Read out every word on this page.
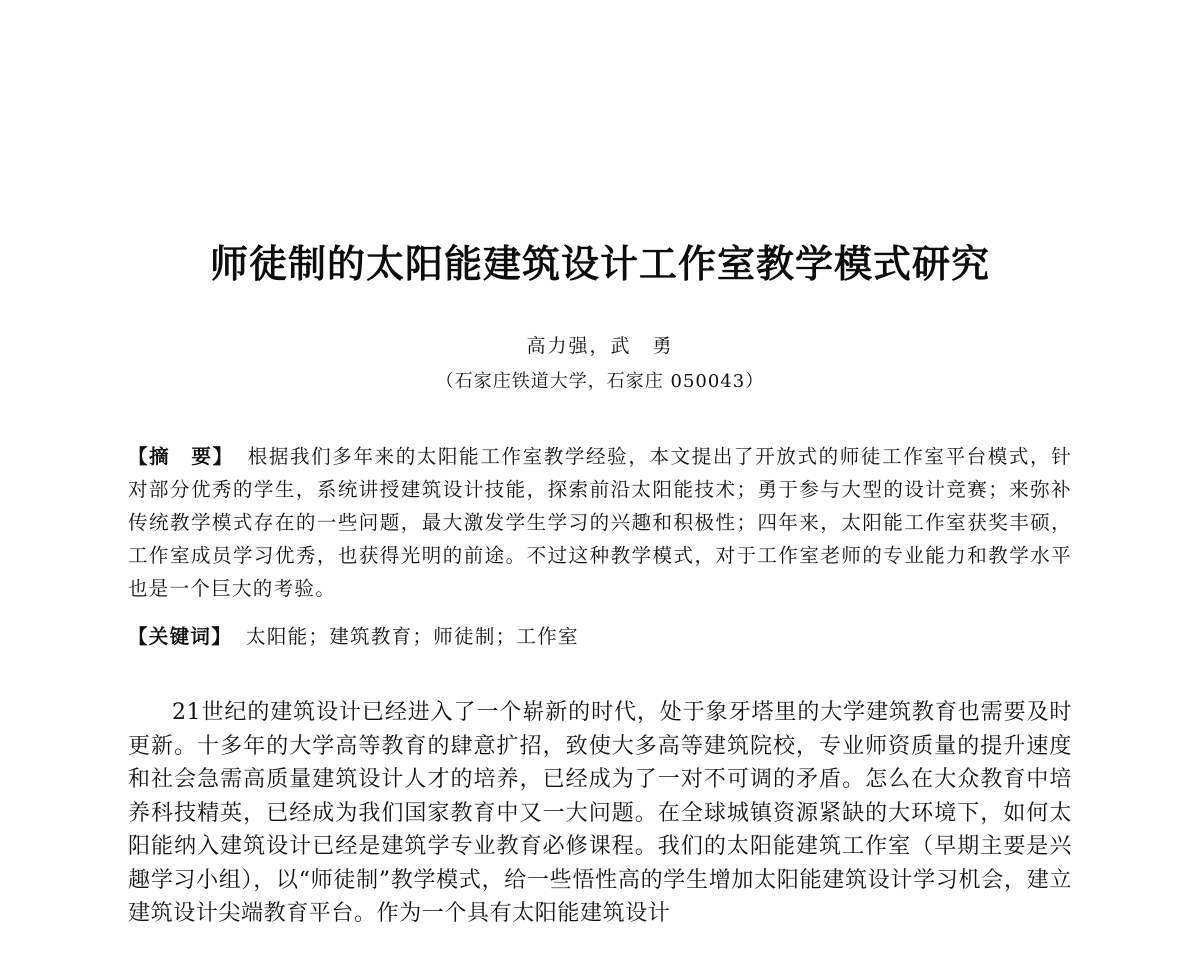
师徒制的太阳能建筑设计工作室教学模式研究
高力强，武　勇
（石家庄铁道大学，石家庄 050043）
【摘　要】 根据我们多年来的太阳能工作室教学经验，本文提出了开放式的师徒工作室平台模式，针对部分优秀的学生，系统讲授建筑设计技能，探索前沿太阳能技术；勇于参与大型的设计竞赛；来弥补传统教学模式存在的一些问题，最大激发学生学习的兴趣和积极性；四年来，太阳能工作室获奖丰硕，工作室成员学习优秀，也获得光明的前途。不过这种教学模式，对于工作室老师的专业能力和教学水平也是一个巨大的考验。
【关键词】 太阳能；建筑教育；师徒制；工作室

21世纪的建筑设计已经进入了一个崭新的时代，处于象牙塔里的大学建筑教育也需要及时更新。十多年的大学高等教育的肆意扩招，致使大多高等建筑院校，专业师资质量的提升速度和社会急需高质量建筑设计人才的培养，已经成为了一对不可调的矛盾。怎么在大众教育中培养科技精英，已经成为我们国家教育中又一大问题。在全球城镇资源紧缺的大环境下，如何太阳能纳入建筑设计已经是建筑学专业教育必修课程。我们的太阳能建筑工作室（早期主要是兴趣学习小组），以“师徒制”教学模式，给一些悟性高的学生增加太阳能建筑设计学习机会，建立建筑设计尖端教育平台。作为一个具有太阳能建筑设计
